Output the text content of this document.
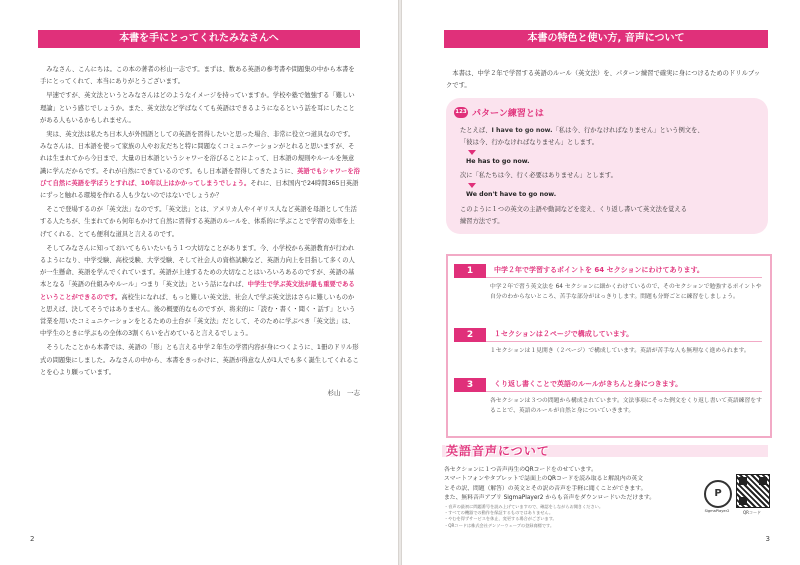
本書を手にとってくれたみなさんへ

みなさん、こんにちは。この本の著者の杉山一志です。まずは、数ある英語の参考書や問題集の中から本書を手にとってくれて、本当にありがとうございます。

早速ですが、英文法というとみなさんはどのようなイメージを持っていますか。学校や塾で勉強する「難しい理論」という感じでしょうか。また、英文法など学ばなくても英語はできるようになるという話を耳にしたことがある人もいるかもしれません。

実は、英文法は私たち日本人が外国語としての英語を習得したいと思った場合、非常に役立つ道具なのです。みなさんは、日本語を使って家族の人やお友だちと特に問題なくコミュニケーションがとれると思いますが、それは生まれてから今日まで、大量の日本語というシャワーを浴びることによって、日本語の規則やルールを無意識に学んだからです。それが自然にできているのです。もし日本語を習得してきたように、英語でもシャワーを浴びて自然に英語を学ぼうとすれば、10年以上はかかってしまうでしょう。それに、日本国内で24時間365日英語にずっと触れる環境を作れる人も少ないのではないでしょうか？

そこで登場するのが「英文法」なのです。「英文法」とは、アメリカ人やイギリス人など英語を母語として生活する人たちが、生まれてから何年もかけて自然に習得する英語のルールを、体系的に学ぶことで学習の効率を上げてくれる、とても便利な道具と言えるのです。

そしてみなさんに知っておいてもらいたいもう１つ大切なことがあります。今、小学校から英語教育が行われるようになり、中学受験、高校受験、大学受験、そして社会人の資格試験など、英語力向上を目指して多くの人が一生懸命、英語を学んでくれています。英語が上達するための大切なことはいろいろあるのですが、英語の基本となる「英語の仕組みやルール」つまり「英文法」という話になれば、中学生で学ぶ英文法が最も重要であるということができるのです。高校生になれば、もっと難しい英文法、社会人で学ぶ英文法はさらに難しいものかと思えば、決してそうではありません。後の概要的なものですが、将来的に「読む・書く・聞く・話す」という営業を用いたコミュニケーションをとるための土台が「英文法」だとして、そのために学ぶべき「英文法」は、中学生のときに学ぶもの全体の3割くらいを占めていると言えるでしょう。

そうしたことから本書では、英語の「形」とも言える中学２年生の学習内容が身につくように、1冊のドリル形式の問題集にしました。みなさんの中から、本書をきっかけに、英語が得意な人が1人でも多く誕生してくれることを心より願っています。

杉山　一志
2
本書の特色と使い方, 音声について
本書は、中学２年で学習する英語のルール（英文法）を、パターン練習で確実に身につけるためのドリルブックです。
123 パターン練習とは
たとえば、I have to go now.「私は今、行かなければなりません」という例文を、
「彼は今、行かなければなりません」とします。
He has to go now.
次に「私たちは今、行く必要はありません」とします。
We don't have to go now.
このように１つの英文の主語や動詞などを変え、くり返し書いて英文法を覚える
練習方法です。
1	中学２年で学習するポイントを 64 セクションにわけてあります。
中学２年で習う英文法を 64 セクションに細かくわけているので、そのセクションで勉強するポイントや自分のわからないところ、苦手な部分がはっきりします。問題も分野ごとに練習をしましょう。
2	１セクションは２ページで構成しています。
１セクションは１見開き（２ページ）で構成しています。英語が苦手な人も無理なく進められます。
3	くり返し書くことで英語のルールがきちんと身につきます。
各セクションは３つの問題から構成されています。文法事項にそった例文をくり返し書いて英語練習をすることで、英語のルールが自然と身についていきます。
英語音声について
各セクションに１つ音声再生のQRコードをのせています。
スマートフォンやタブレットで誌面上のQRコードを読み取ると解説内の英文
とその訳、問題（解答）の英文とその訳の音声を手軽に聞くことができます。
また、無料音声アプリ SigmaPlayer2 からも音声をダウンロードいただけます。
・音声の最初に問題番号を読み上げていますので、確認をしながらお聞きください。
・すべての機器での動作を保証するものではありません。
・やむを得ずサービスを休止、変更する場合がございます。
・QRコードは株式会社デンソーウェーブの登録商標です。
P
SigmaPlayer2	QRコード
3
